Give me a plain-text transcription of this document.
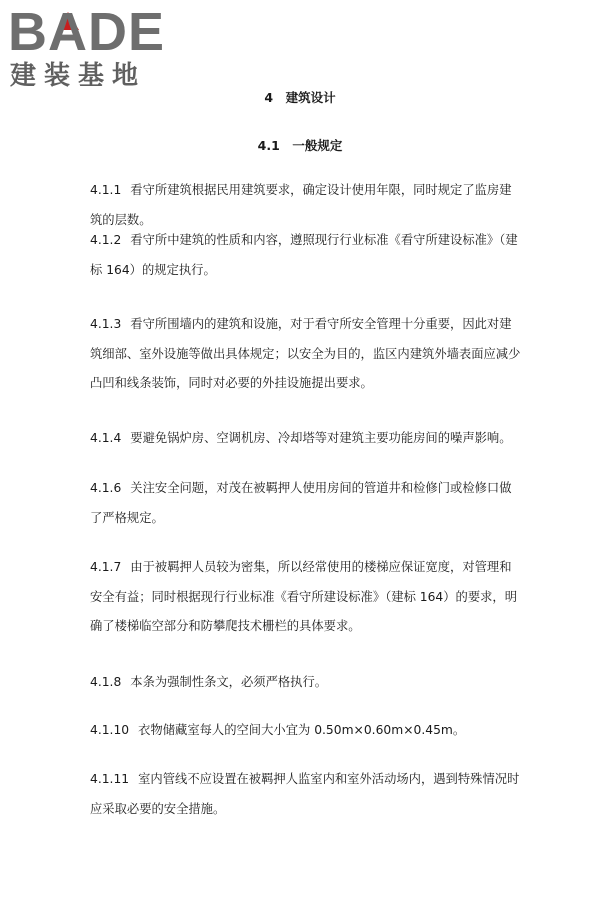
BADE
建装基地
4　建筑设计
4.1　一般规定
4.1.1 看守所建筑根据民用建筑要求，确定设计使用年限，同时规定了监房建筑的层数。
4.1.2 看守所中建筑的性质和内容，遵照现行行业标准《看守所建设标准》（建标 164）的规定执行。
4.1.3 看守所围墙内的建筑和设施，对于看守所安全管理十分重要，因此对建筑细部、室外设施等做出具体规定；以安全为目的，监区内建筑外墙表面应减少凸凹和线条装饰，同时对必要的外挂设施提出要求。
4.1.4 要避免锅炉房、空调机房、冷却塔等对建筑主要功能房间的噪声影响。
4.1.6 关注安全问题，对茂在被羁押人使用房间的管道井和检修门或检修口做了严格规定。
4.1.7 由于被羁押人员较为密集，所以经常使用的楼梯应保证宽度，对管理和安全有益；同时根据现行行业标准《看守所建设标准》（建标 164）的要求，明确了楼梯临空部分和防攀爬技术栅栏的具体要求。
4.1.8 本条为强制性条文，必须严格执行。
4.1.10 衣物储藏室每人的空间大小宜为 0.50m×0.60m×0.45m。
4.1.11 室内管线不应设置在被羁押人监室内和室外活动场内，遇到特殊情况时应采取必要的安全措施。
